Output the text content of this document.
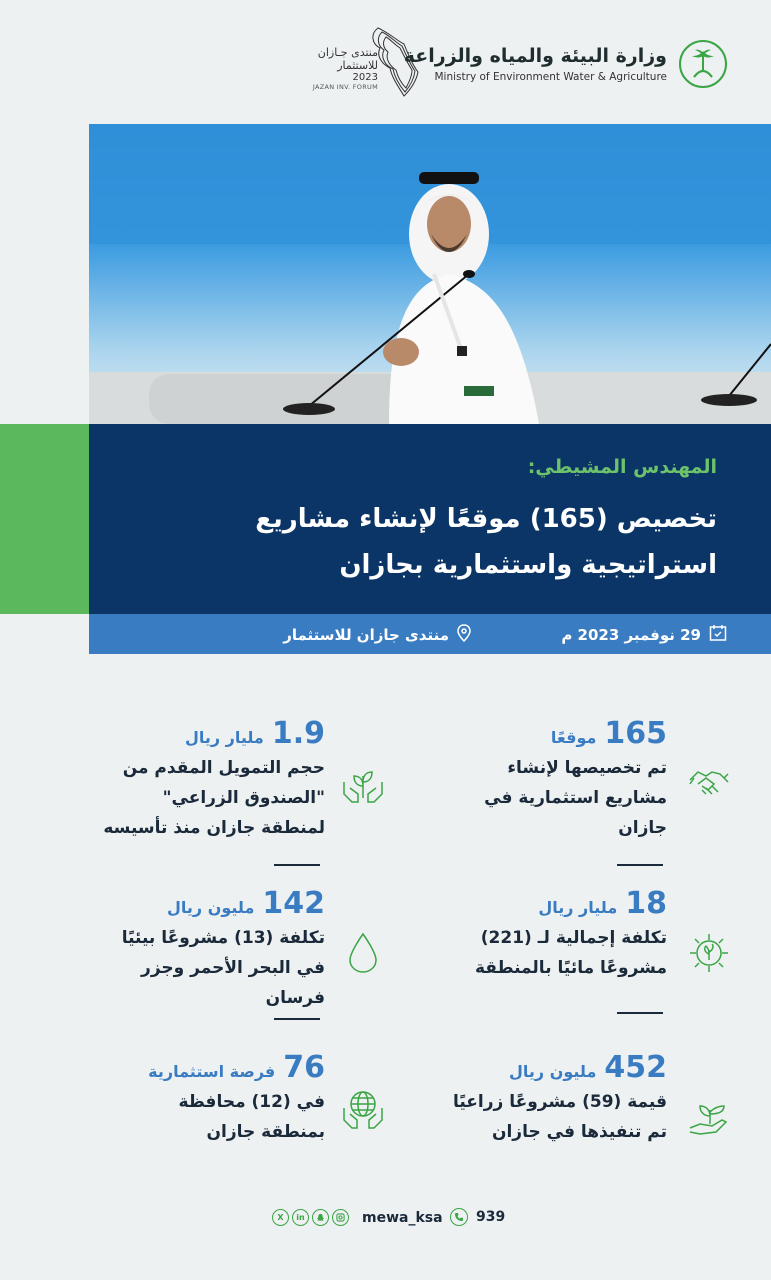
وزارة البيئة والمياه والزراعة
Ministry of Environment Water & Agriculture
منتدى جـازان
للاستثمار
2023
JAZAN INV. FORUM
المهندس المشيطي:
تخصيص (165) موقعًا لإنشاء مشاريع
استراتيجية واستثمارية بجازان
29 نوفمبر 2023 م
منتدى جازان للاستثمار
165
موقعًا
تم تخصيصها لإنشاء
مشاريع استثمارية في
جازان
18
مليار ريال
تكلفة إجمالية لـ (221)
مشروعًا مائيًا بالمنطقة
452
مليون ريال
قيمة (59) مشروعًا زراعيًا
تم تنفيذها في جازان
1.9
مليار ريال
حجم التمويل المقدم من
"الصندوق الزراعي"
لمنطقة جازان منذ تأسيسه
142
مليون ريال
تكلفة (13) مشروعًا بيئيًا
في البحر الأحمر وجزر فرسان
76
فرصة استثمارية
في (12) محافظة
بمنطقة جازان
X	in	mewa_ksa 939
